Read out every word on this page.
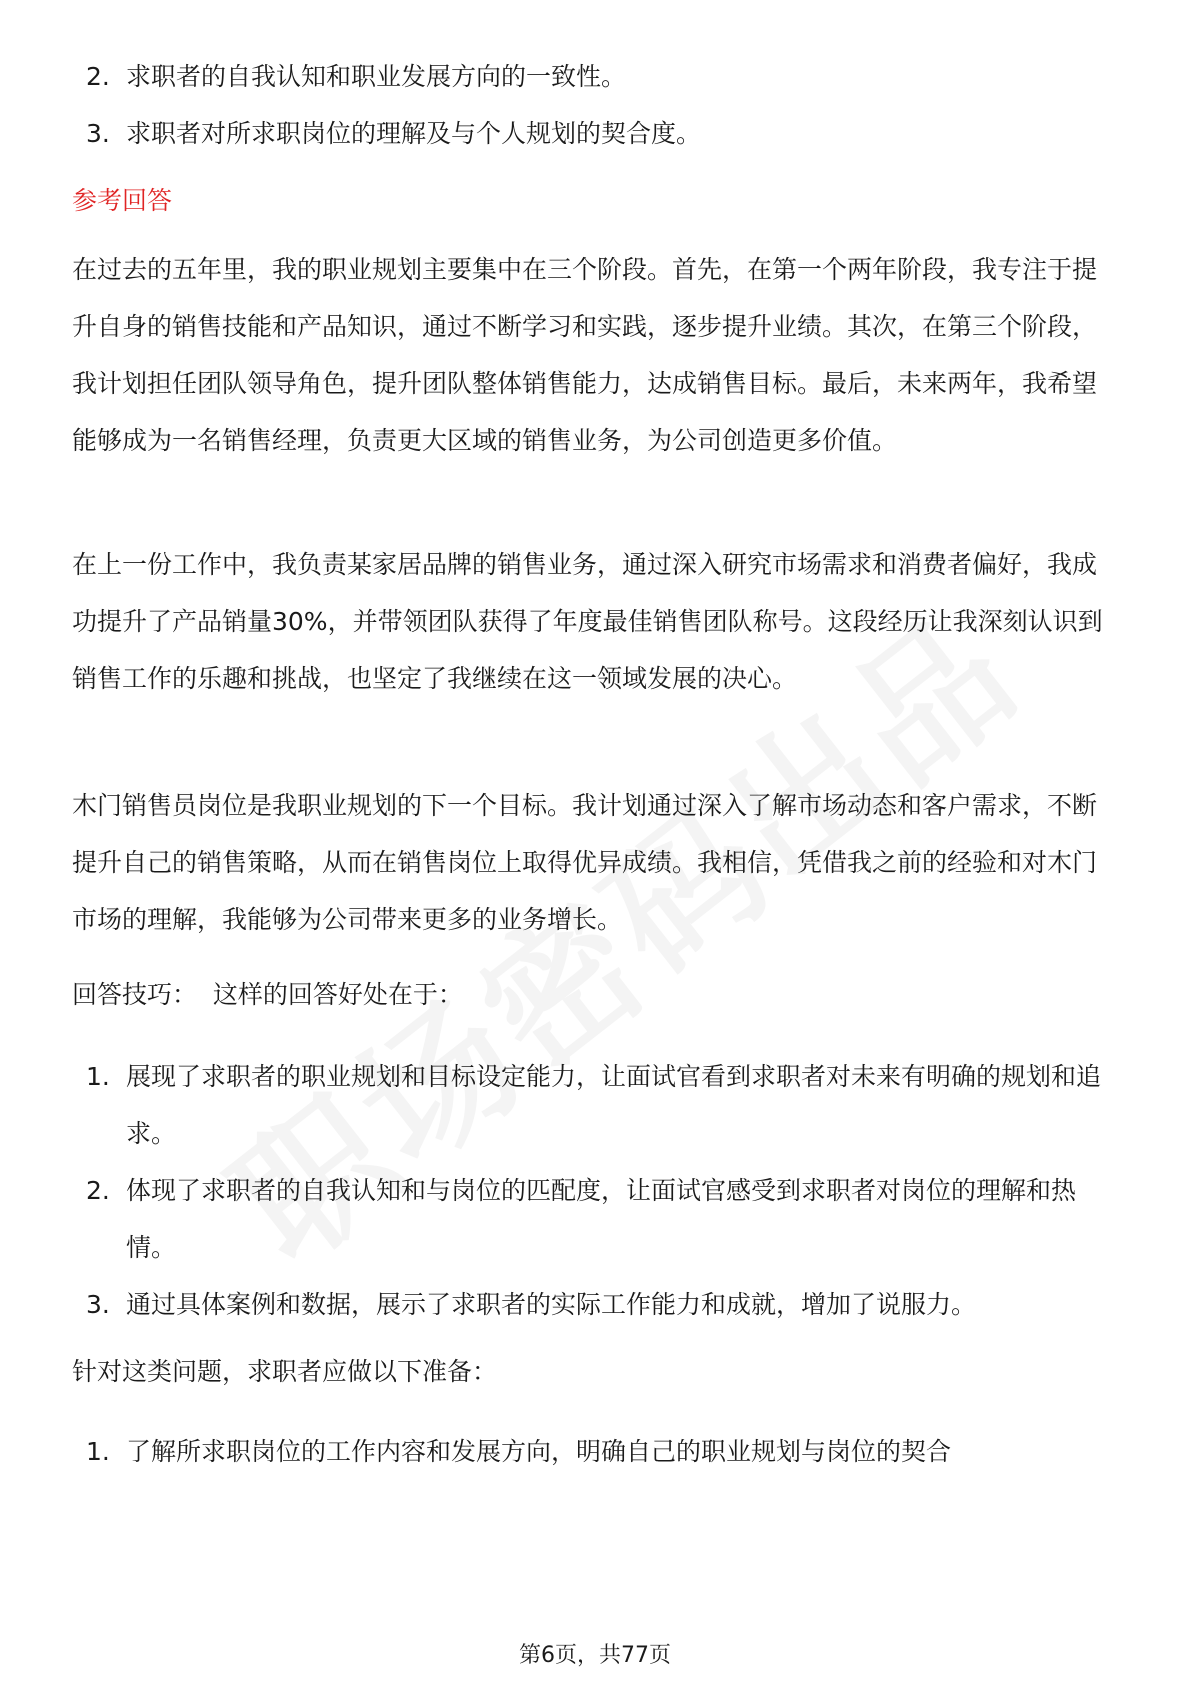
2. 求职者的自我认知和职业发展方向的一致性。
3. 求职者对所求职岗位的理解及与个人规划的契合度。

参考回答

在过去的五年里，我的职业规划主要集中在三个阶段。首先，在第一个两年阶段，我专注于提升自身的销售技能和产品知识，通过不断学习和实践，逐步提升业绩。其次，在第三个阶段，我计划担任团队领导角色，提升团队整体销售能力，达成销售目标。最后，未来两年，我希望能够成为一名销售经理，负责更大区域的销售业务，为公司创造更多价值。

在上一份工作中，我负责某家居品牌的销售业务，通过深入研究市场需求和消费者偏好，我成功提升了产品销量30%，并带领团队获得了年度最佳销售团队称号。这段经历让我深刻认识到销售工作的乐趣和挑战，也坚定了我继续在这一领域发展的决心。

木门销售员岗位是我职业规划的下一个目标。我计划通过深入了解市场动态和客户需求，不断提升自己的销售策略，从而在销售岗位上取得优异成绩。我相信，凭借我之前的经验和对木门市场的理解，我能够为公司带来更多的业务增长。

回答技巧：  这样的回答好处在于：

1. 展现了求职者的职业规划和目标设定能力，让面试官看到求职者对未来有明确的规划和追求。
2. 体现了求职者的自我认知和与岗位的匹配度，让面试官感受到求职者对岗位的理解和热情。
3. 通过具体案例和数据，展示了求职者的实际工作能力和成就，增加了说服力。

针对这类问题，求职者应做以下准备：

1. 了解所求职岗位的工作内容和发展方向，明确自己的职业规划与岗位的契合
第6页，共77页
